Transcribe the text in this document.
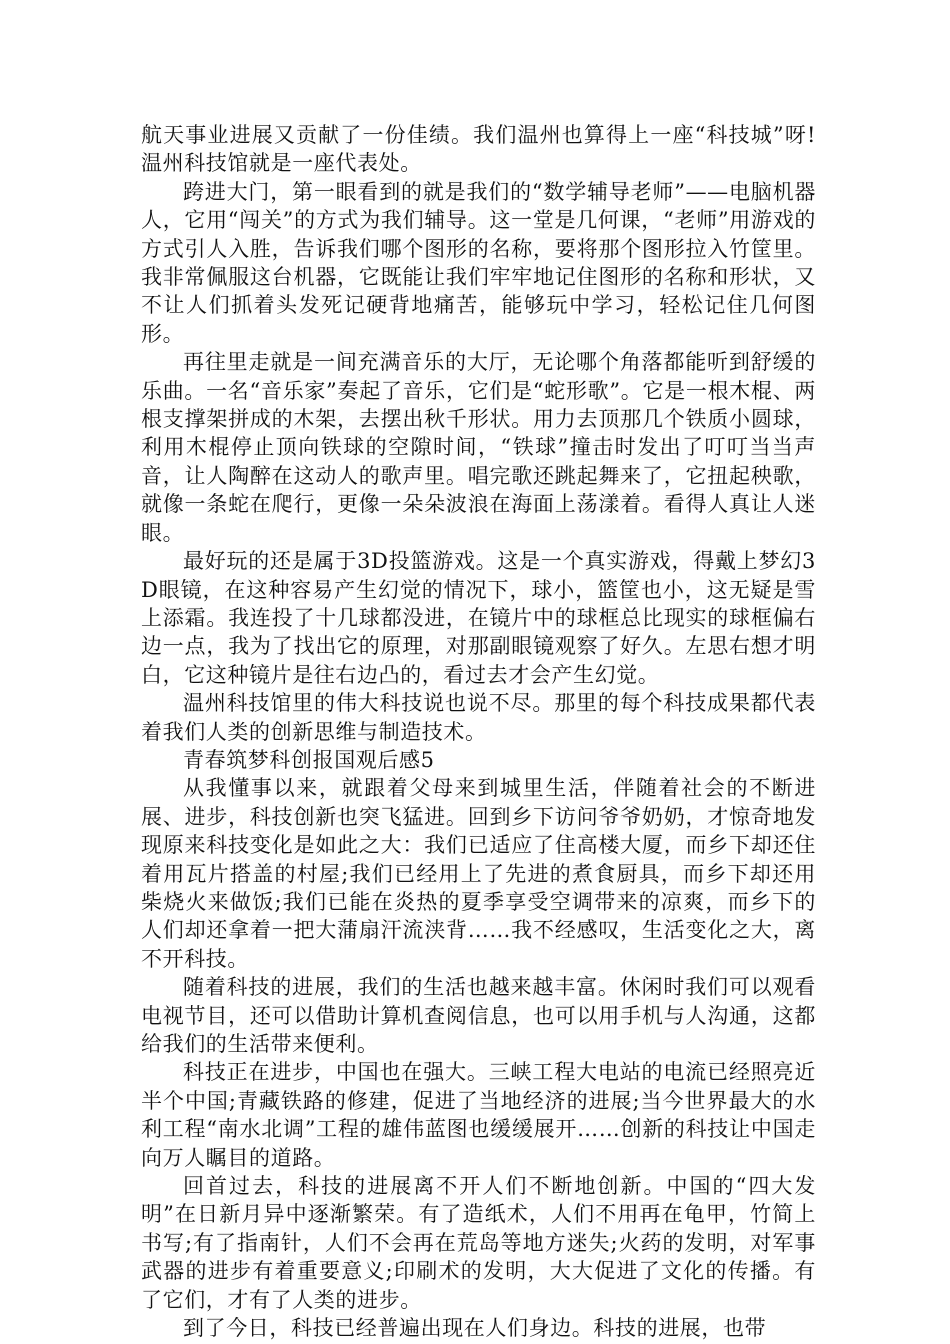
航天事业进展又贡献了一份佳绩。我们温州也算得上一座“科技城”呀!温州科技馆就是一座代表处。

跨进大门，第一眼看到的就是我们的“数学辅导老师”——电脑机器人，它用“闯关”的方式为我们辅导。这一堂是几何课，“老师”用游戏的方式引人入胜，告诉我们哪个图形的名称，要将那个图形拉入竹筐里。我非常佩服这台机器，它既能让我们牢牢地记住图形的名称和形状，又不让人们抓着头发死记硬背地痛苦，能够玩中学习，轻松记住几何图形。

再往里走就是一间充满音乐的大厅，无论哪个角落都能听到舒缓的乐曲。一名“音乐家”奏起了音乐，它们是“蛇形歌”。它是一根木棍、两根支撑架拼成的木架，去摆出秋千形状。用力去顶那几个铁质小圆球，利用木棍停止顶向铁球的空隙时间，“铁球”撞击时发出了叮叮当当声音，让人陶醉在这动人的歌声里。唱完歌还跳起舞来了，它扭起秧歌，就像一条蛇在爬行，更像一朵朵波浪在海面上荡漾着。看得人真让人迷眼。

最好玩的还是属于3D投篮游戏。这是一个真实游戏，得戴上梦幻3D眼镜，在这种容易产生幻觉的情况下，球小，篮筐也小，这无疑是雪上添霜。我连投了十几球都没进，在镜片中的球框总比现实的球框偏右边一点，我为了找出它的原理，对那副眼镜观察了好久。左思右想才明白，它这种镜片是往右边凸的，看过去才会产生幻觉。

温州科技馆里的伟大科技说也说不尽。那里的每个科技成果都代表着我们人类的创新思维与制造技术。

青春筑梦科创报国观后感5

从我懂事以来，就跟着父母来到城里生活，伴随着社会的不断进展、进步，科技创新也突飞猛进。回到乡下访问爷爷奶奶，才惊奇地发现原来科技变化是如此之大：我们已适应了住高楼大厦，而乡下却还住着用瓦片搭盖的村屋;我们已经用上了先进的煮食厨具，而乡下却还用柴烧火来做饭;我们已能在炎热的夏季享受空调带来的凉爽，而乡下的人们却还拿着一把大蒲扇汗流浃背……我不经感叹，生活变化之大，离不开科技。

随着科技的进展，我们的生活也越来越丰富。休闲时我们可以观看电视节目，还可以借助计算机查阅信息，也可以用手机与人沟通，这都给我们的生活带来便利。

科技正在进步，中国也在强大。三峡工程大电站的电流已经照亮近半个中国;青藏铁路的修建，促进了当地经济的进展;当今世界最大的水利工程“南水北调”工程的雄伟蓝图也缓缓展开……创新的科技让中国走向万人瞩目的道路。

回首过去，科技的进展离不开人们不断地创新。中国的“四大发明”在日新月异中逐渐繁荣。有了造纸术，人们不用再在龟甲，竹简上书写;有了指南针，人们不会再在荒岛等地方迷失;火药的发明，对军事武器的进步有着重要意义;印刷术的发明，大大促进了文化的传播。有了它们，才有了人类的进步。

到了今日，科技已经普遍出现在人们身边。科技的进展，也带
